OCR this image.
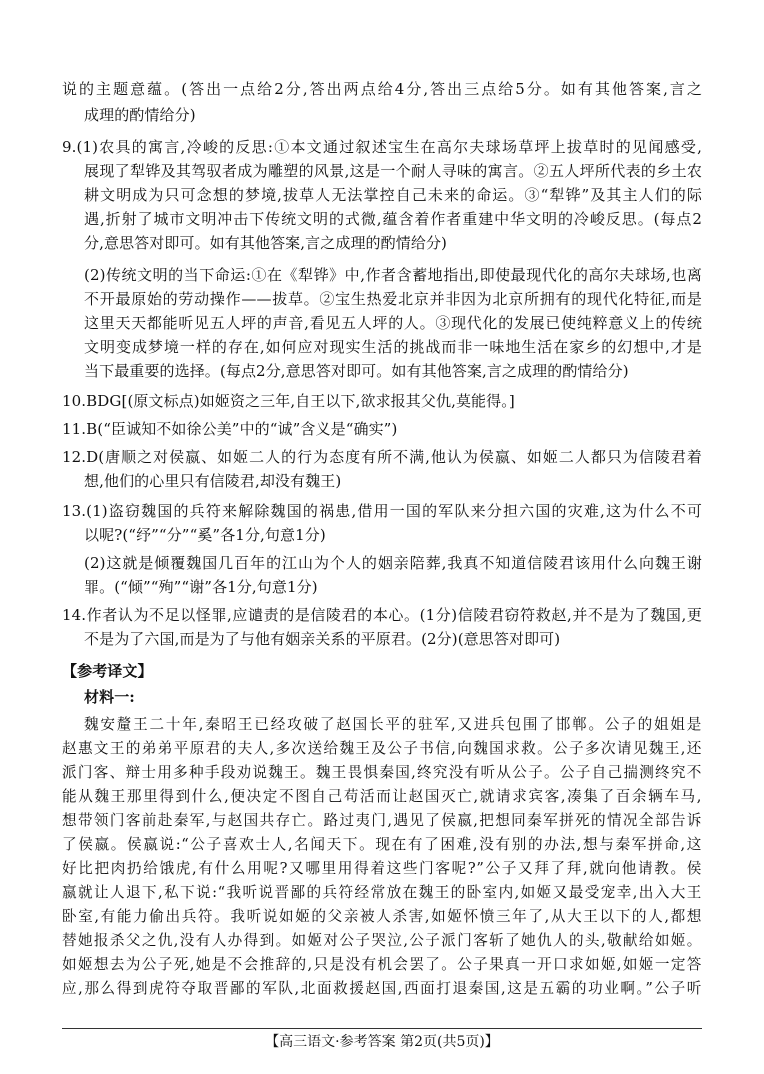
说的主题意蕴。(答出一点给2分,答出两点给4分,答出三点给5分。如有其他答案,言之
成理的酌情给分)
9.(1)农具的寓言,冷峻的反思:①本文通过叙述宝生在高尔夫球场草坪上拔草时的见闻感受,
展现了犁铧及其驾驭者成为雕塑的风景,这是一个耐人寻味的寓言。②五人坪所代表的乡土农
耕文明成为只可念想的梦境,拔草人无法掌控自己未来的命运。③“犁铧”及其主人们的际
遇,折射了城市文明冲击下传统文明的式微,蕴含着作者重建中华文明的冷峻反思。(每点2
分,意思答对即可。如有其他答案,言之成理的酌情给分)
(2)传统文明的当下命运:①在《犁铧》中,作者含蓄地指出,即使最现代化的高尔夫球场,也离
不开最原始的劳动操作——拔草。②宝生热爱北京并非因为北京所拥有的现代化特征,而是
这里天天都能听见五人坪的声音,看见五人坪的人。③现代化的发展已使纯粹意义上的传统
文明变成梦境一样的存在,如何应对现实生活的挑战而非一味地生活在家乡的幻想中,才是
当下最重要的选择。(每点2分,意思答对即可。如有其他答案,言之成理的酌情给分)
10.BDG[(原文标点)如姬资之三年,自王以下,欲求报其父仇,莫能得。]
11.B(“臣诚知不如徐公美”中的“诚”含义是“确实”)
12.D(唐顺之对侯嬴、如姬二人的行为态度有所不满,他认为侯嬴、如姬二人都只为信陵君着
想,他们的心里只有信陵君,却没有魏王)
13.(1)盗窃魏国的兵符来解除魏国的祸患,借用一国的军队来分担六国的灾难,这为什么不可
以呢?(“纾”“分”“奚”各1分,句意1分)
(2)这就是倾覆魏国几百年的江山为个人的姻亲陪葬,我真不知道信陵君该用什么向魏王谢
罪。(“倾”“殉”“谢”各1分,句意1分)
14.作者认为不足以怪罪,应谴责的是信陵君的本心。(1分)信陵君窃符救赵,并不是为了魏国,更
不是为了六国,而是为了与他有姻亲关系的平原君。(2分)(意思答对即可)
【参考译文】
材料一:
魏安釐王二十年,秦昭王已经攻破了赵国长平的驻军,又进兵包围了邯郸。公子的姐姐是
赵惠文王的弟弟平原君的夫人,多次送给魏王及公子书信,向魏国求救。公子多次请见魏王,还
派门客、辩士用多种手段劝说魏王。魏王畏惧秦国,终究没有听从公子。公子自己揣测终究不
能从魏王那里得到什么,便决定不图自己苟活而让赵国灭亡,就请求宾客,凑集了百余辆车马,
想带领门客前赴秦军,与赵国共存亡。路过夷门,遇见了侯嬴,把想同秦军拼死的情况全部告诉
了侯嬴。侯嬴说:“公子喜欢士人,名闻天下。现在有了困难,没有别的办法,想与秦军拼命,这
好比把肉扔给饿虎,有什么用呢?又哪里用得着这些门客呢?”公子又拜了拜,就向他请教。侯
嬴就让人退下,私下说:“我听说晋鄙的兵符经常放在魏王的卧室内,如姬又最受宠幸,出入大王
卧室,有能力偷出兵符。我听说如姬的父亲被人杀害,如姬怀愤三年了,从大王以下的人,都想
替她报杀父之仇,没有人办得到。如姬对公子哭泣,公子派门客斩了她仇人的头,敬献给如姬。
如姬想去为公子死,她是不会推辞的,只是没有机会罢了。公子果真一开口求如姬,如姬一定答
应,那么得到虎符夺取晋鄙的军队,北面救援赵国,西面打退秦国,这是五霸的功业啊。”公子听
【高三语文·参考答案 第2页(共5页)】
